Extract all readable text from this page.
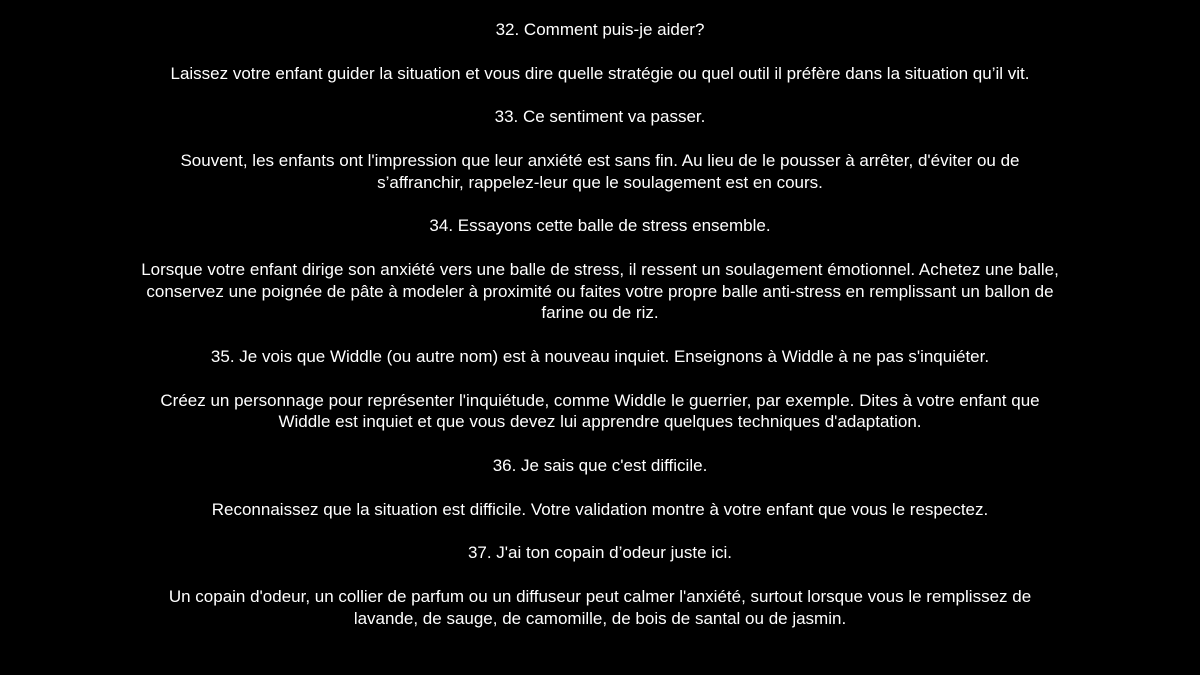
32. Comment puis-je aider?
Laissez votre enfant guider la situation et vous dire quelle stratégie ou quel outil il préfère dans la situation qu’il vit.
33. Ce sentiment va passer.
Souvent, les enfants ont l'impression que leur anxiété est sans fin. Au lieu de le pousser à arrêter, d'éviter ou de
s’affranchir, rappelez-leur que le soulagement est en cours.
34. Essayons cette balle de stress ensemble.
Lorsque votre enfant dirige son anxiété vers une balle de stress, il ressent un soulagement émotionnel. Achetez une balle,
conservez une poignée de pâte à modeler à proximité ou faites votre propre balle anti-stress en remplissant un ballon de
farine ou de riz.
35. Je vois que Widdle (ou autre nom) est à nouveau inquiet. Enseignons à Widdle à ne pas s'inquiéter.
Créez un personnage pour représenter l'inquiétude, comme Widdle le guerrier, par exemple. Dites à votre enfant que
Widdle est inquiet et que vous devez lui apprendre quelques techniques d'adaptation.
36. Je sais que c'est difficile.
Reconnaissez que la situation est difficile. Votre validation montre à votre enfant que vous le respectez.
37. J'ai ton copain d’odeur juste ici.
Un copain d'odeur, un collier de parfum ou un diffuseur peut calmer l'anxiété, surtout lorsque vous le remplissez de
lavande, de sauge, de camomille, de bois de santal ou de jasmin.
